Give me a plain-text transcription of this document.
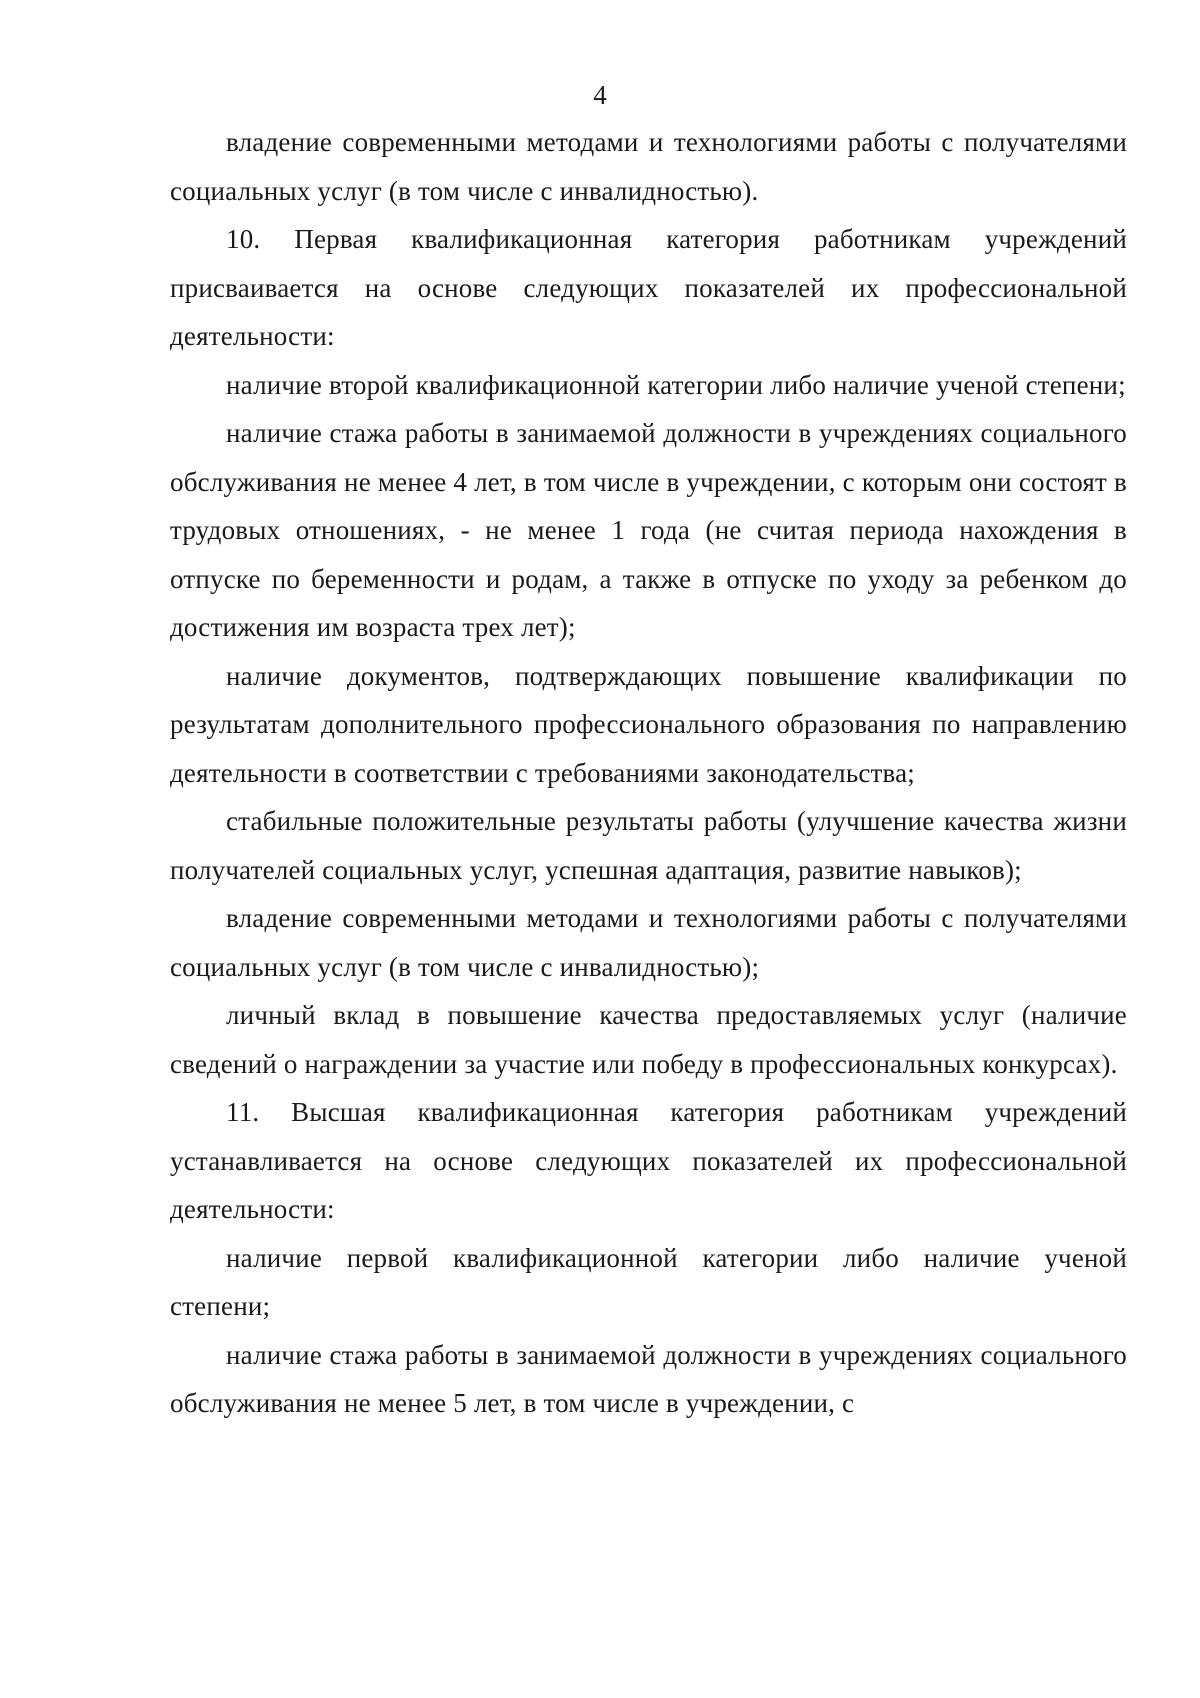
4

владение современными методами и технологиями работы с получателями социальных услуг (в том числе с инвалидностью).

10. Первая квалификационная категория работникам учреждений присваивается на основе следующих показателей их профессиональной деятельности:

наличие второй квалификационной категории либо наличие ученой степени;

наличие стажа работы в занимаемой должности в учреждениях социального обслуживания не менее 4 лет, в том числе в учреждении, с которым они состоят в трудовых отношениях, - не менее 1 года (не считая периода нахождения в отпуске по беременности и родам, а также в отпуске по уходу за ребенком до достижения им возраста трех лет);

наличие документов, подтверждающих повышение квалификации по результатам дополнительного профессионального образования по направлению деятельности в соответствии с требованиями законодательства;

стабильные положительные результаты работы (улучшение качества жизни получателей социальных услуг, успешная адаптация, развитие навыков);

владение современными методами и технологиями работы с получателями социальных услуг (в том числе с инвалидностью);

личный вклад в повышение качества предоставляемых услуг (наличие сведений о награждении за участие или победу в профессиональных конкурсах).

11. Высшая квалификационная категория работникам учреждений устанавливается на основе следующих показателей их профессиональной деятельности:

наличие первой квалификационной категории либо наличие ученой степени;

наличие стажа работы в занимаемой должности в учреждениях социального обслуживания не менее 5 лет, в том числе в учреждении, с
